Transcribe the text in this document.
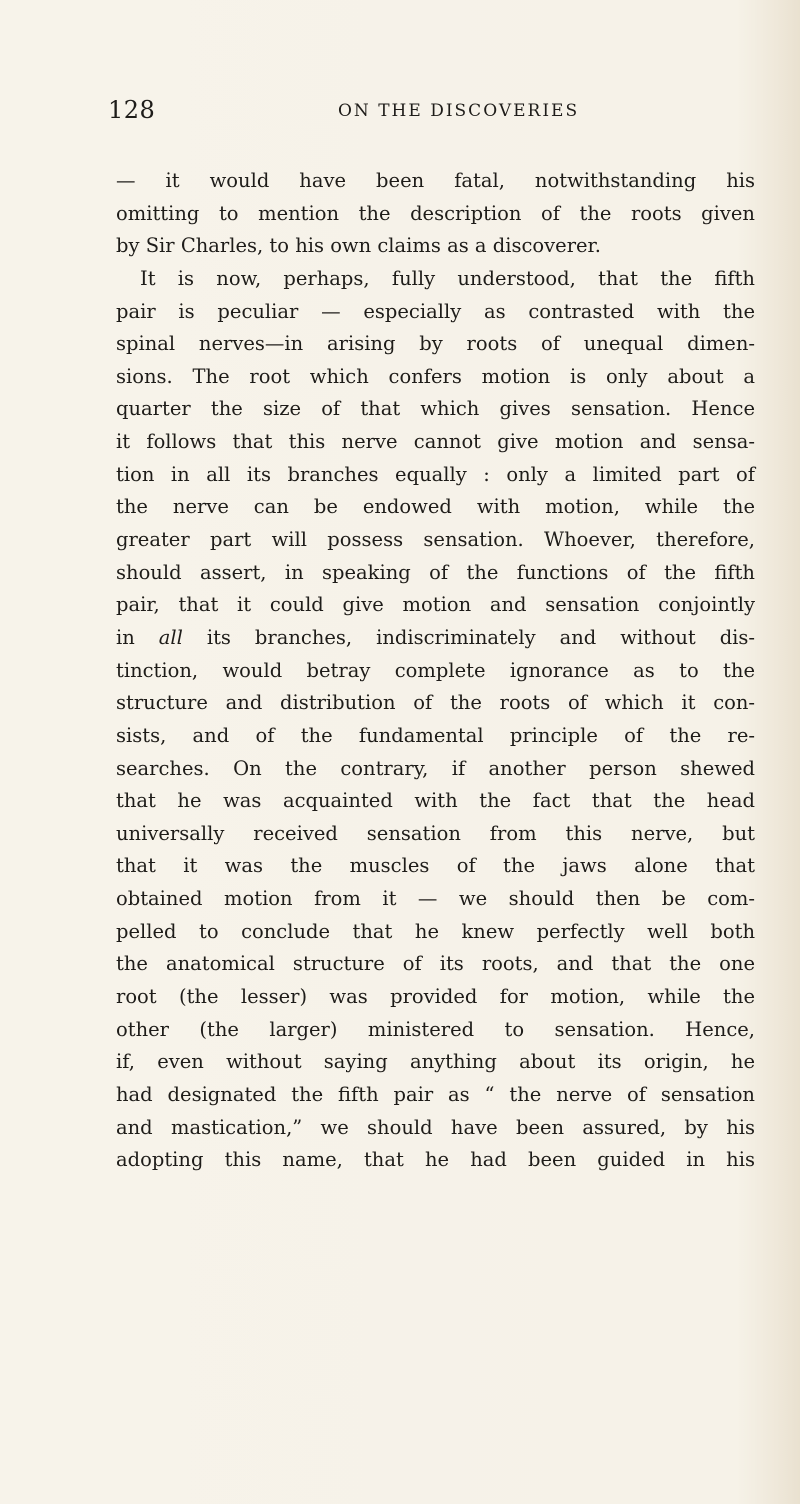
128	ON THE DISCOVERIES
— it would have been fatal, notwithstanding his
omitting to mention the description of the roots given
by Sir Charles, to his own claims as a discoverer.
It is now, perhaps, fully understood, that the fifth
pair is peculiar — especially as contrasted with the
spinal nerves—in arising by roots of unequal dimen-
sions. The root which confers motion is only about a
quarter the size of that which gives sensation. Hence
it follows that this nerve cannot give motion and sensa-
tion in all its branches equally : only a limited part of
the nerve can be endowed with motion, while the
greater part will possess sensation. Whoever, therefore,
should assert, in speaking of the functions of the fifth
pair, that it could give motion and sensation conjointly
in all its branches, indiscriminately and without dis-
tinction, would betray complete ignorance as to the
structure and distribution of the roots of which it con-
sists, and of the fundamental principle of the re-
searches. On the contrary, if another person shewed
that he was acquainted with the fact that the head
universally received sensation from this nerve, but
that it was the muscles of the jaws alone that
obtained motion from it — we should then be com-
pelled to conclude that he knew perfectly well both
the anatomical structure of its roots, and that the one
root (the lesser) was provided for motion, while the
other (the larger) ministered to sensation. Hence,
if, even without saying anything about its origin, he
had designated the fifth pair as “ the nerve of sensation
and mastication,” we should have been assured, by his
adopting this name, that he had been guided in his
